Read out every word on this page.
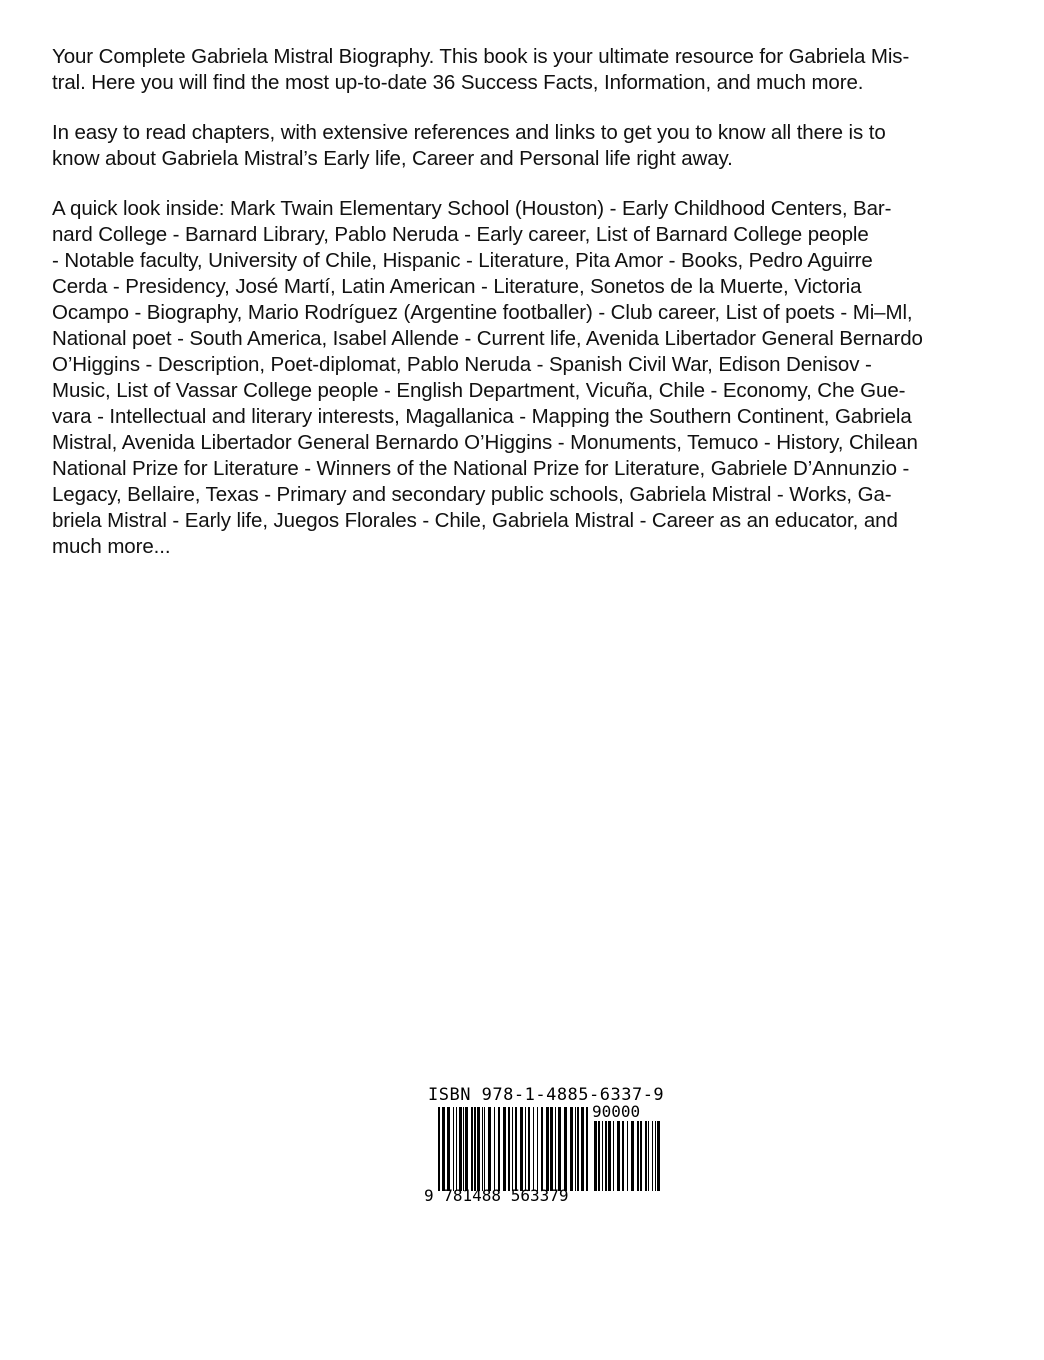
Your Complete Gabriela Mistral Biography. This book is your ultimate resource for Gabriela Mis-
tral. Here you will find the most up-to-date 36 Success Facts, Information, and much more.

In easy to read chapters, with extensive references and links to get you to know all there is to
know about Gabriela Mistral’s Early life, Career and Personal life right away.

A quick look inside: Mark Twain Elementary School (Houston) - Early Childhood Centers, Bar-
nard College - Barnard Library, Pablo Neruda - Early career, List of Barnard College people
- Notable faculty, University of Chile, Hispanic - Literature, Pita Amor - Books, Pedro Aguirre
Cerda - Presidency, José Martí, Latin American - Literature, Sonetos de la Muerte, Victoria
Ocampo - Biography, Mario Rodríguez (Argentine footballer) - Club career, List of poets - Mi–Ml,
National poet - South America, Isabel Allende - Current life, Avenida Libertador General Bernardo
O’Higgins - Description, Poet-diplomat, Pablo Neruda - Spanish Civil War, Edison Denisov -
Music, List of Vassar College people - English Department, Vicuña, Chile - Economy, Che Gue-
vara - Intellectual and literary interests, Magallanica - Mapping the Southern Continent, Gabriela
Mistral, Avenida Libertador General Bernardo O’Higgins - Monuments, Temuco - History, Chilean
National Prize for Literature - Winners of the National Prize for Literature, Gabriele D’Annunzio -
Legacy, Bellaire, Texas - Primary and secondary public schools, Gabriela Mistral - Works, Ga-
briela Mistral - Early life, Juegos Florales - Chile, Gabriela Mistral - Career as an educator, and
much more...

ISBN 978-1-4885-6337-9
90000
9 781488 563379
